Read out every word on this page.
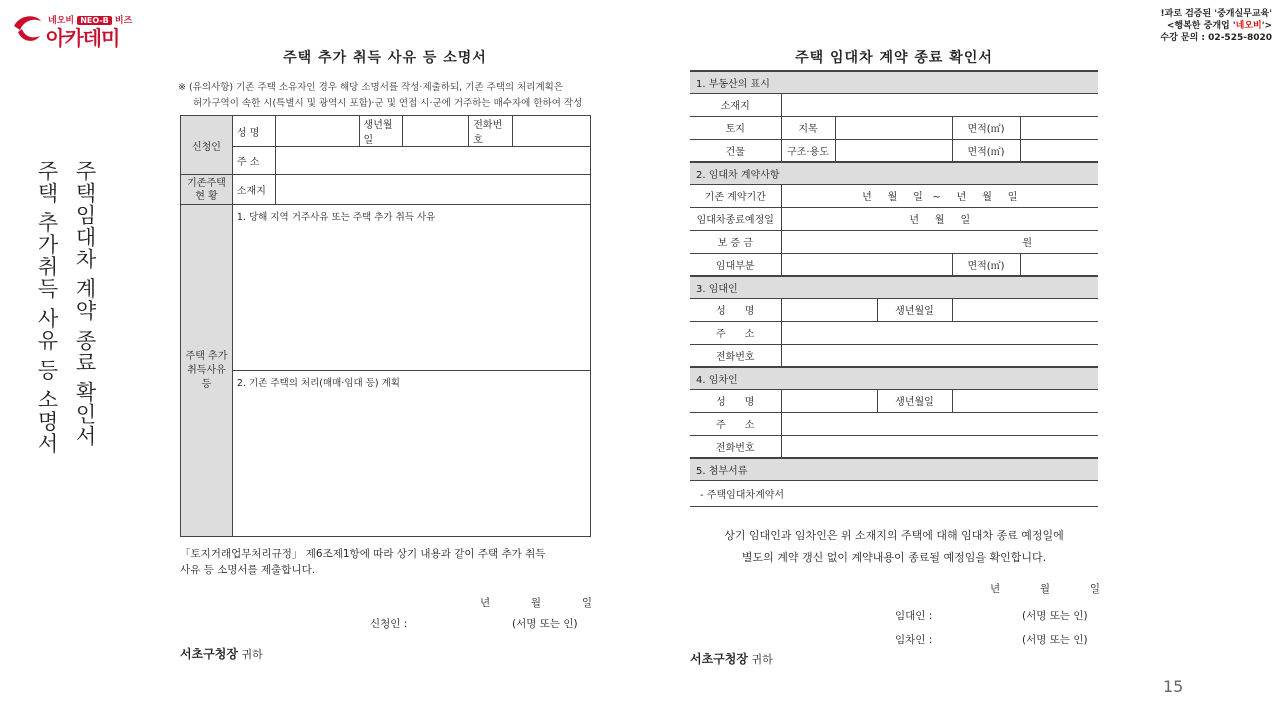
네오비 NEO-B 비즈
아카데미
!과로 검증된 '중개실무교육'
<행복한 중개업 '네오비'>
수강 문의 : 02-525-8020
주택임대차 계약 종료 확인서
주택 추가취득 사유 등 소명서
주택 추가 취득 사유 등 소명서
※ (유의사항) 기존 주택 소유자인 경우 해당 소명서를 작성·제출하되, 기존 주택의 처리계획은
허가구역이 속한 시(특별시 및 광역시 포함)·군 및 연접 시·군에 거주하는 매수자에 한하여 작성
신청인	성 명		생년월일		전화번호	
	주 소					

기존주택
현 황	소재지					

주택 추가
취득사유 등	1. 당해 지역 거주사유 또는 주택 추가 취득 사유					
	2. 기존 주택의 처리(매매·임대 등) 계획					
「토지거래업무처리규정」 제6조제1항에 따라 상기 내용과 같이 주택 추가 취득
사유 등 소명서를 제출합니다.
년	월	일
신청인 :	(서명 또는 인)
서초구청장 귀하
주택 임대차 계약 종료 확인서
1. 부동산의 표시					
소재지					
토지	지목			면적(㎡)	
건물	구조·용도			면적(㎡)	
2. 임대차 계약사항					
기존 계약기간	년     월     일   ~     년     월     일				
임대차종료예정일	년     월     일				
보 증 금	원				
임대부분				면적(㎡)	
3. 임대인					
성      명			생년월일		
주      소					
전화번호					
4. 임차인					
성      명			생년월일		
주      소					
전화번호					
5. 첨부서류					
- 주택임대차계약서					
상기 임대인과 임차인은 위 소재지의 주택에 대해 임대차 종료 예정일에
별도의 계약 갱신 없이 계약내용이 종료될 예정임을 확인합니다.
년	월	일
임대인 :	(서명 또는 인)
임차인 :	(서명 또는 인)
서초구청장 귀하
15
